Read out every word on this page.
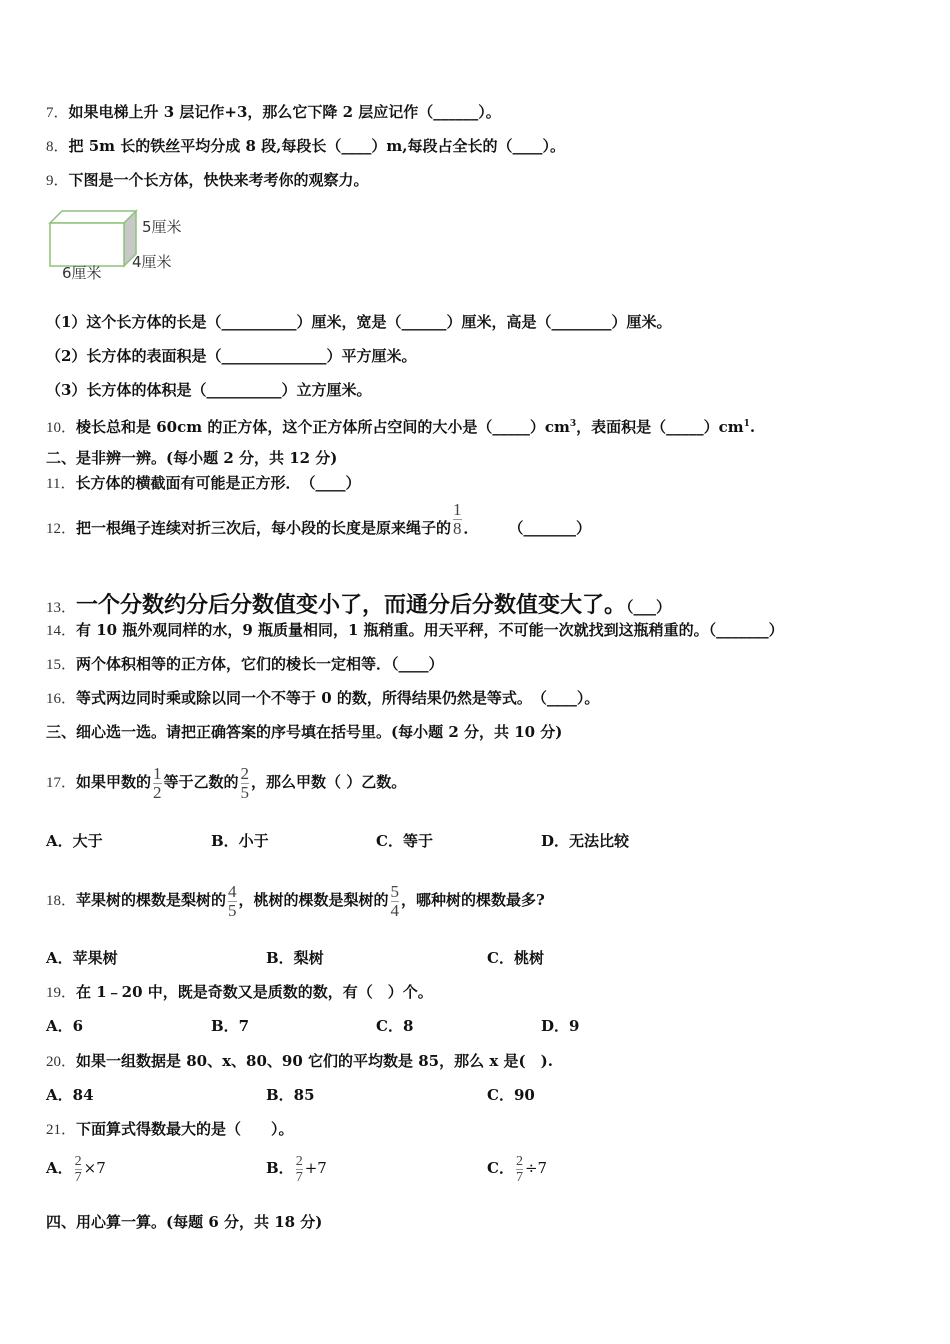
7．如果电梯上升 3 层记作+3，那么它下降 2 层应记作（______）。
8．把 5m 长的铁丝平均分成 8 段,每段长（____）m,每段占全长的（____）。
9．下图是一个长方体，快快来考考你的观察力。
5厘米
4厘米
6厘米
（1）这个长方体的长是（__________）厘米，宽是（______）厘米，高是（________）厘米。
（2）长方体的表面积是（______________）平方厘米。
（3）长方体的体积是（__________）立方厘米。
10．棱长总和是 60cm 的正方体，这个正方体所占空间的大小是$(\_\_\_\_\_)cm^3$，表面积是$(\_\_\_\_\_)cm^1$.
二、是非辨一辨。(每小题 2 分，共 12 分)
11．长方体的横截面有可能是正方形．　（____）
12．把一根绳子连续对折三次后，每小段的长度是原来绳子的 $\frac{1}{8}$ ．　　　（_______）
13．一个分数约分后分数值变小了，而通分后分数值变大了。（___）
14．有 10 瓶外观同样的水，9 瓶质量相同，1 瓶稍重。用天平秤，不可能一次就找到这瓶稍重的。（_______）
15．两个体积相等的正方体，它们的棱长一定相等．（____）
16．等式两边同时乘或除以同一个不等于 0 的数，所得结果仍然是等式。　（____）。
三、细心选一选。请把正确答案的序号填在括号里。(每小题 2 分，共 10 分)
17．如果甲数的 $\frac{1}{2}$ 等于乙数的 $\frac{2}{5}$ ，那么甲数（ ）乙数。
A．大于	B．小于	C．等于	D．无法比较
18．苹果树的棵数是梨树的 $\frac{4}{5}$ ，桃树的棵数是梨树的 $\frac{5}{4}$ ，哪种树的棵数最多?
A．苹果树	B．梨树	C．桃树
19．在 1﹣20 中，既是奇数又是质数的数，有（　）个。
A．6	B．7	C．8	D．9
20．如果一组数据是 80、x、80、90 它们的平均数是 85，那么 x 是(　).
A．84	B．85	C．90
21．下面算式得数最大的是（　　）。
A． $\frac{2}{7} \times 7$	B． $\frac{2}{7} +7$	C． $\frac{2}{7} \div 7$
四、用心算一算。(每题 6 分，共 18 分)
